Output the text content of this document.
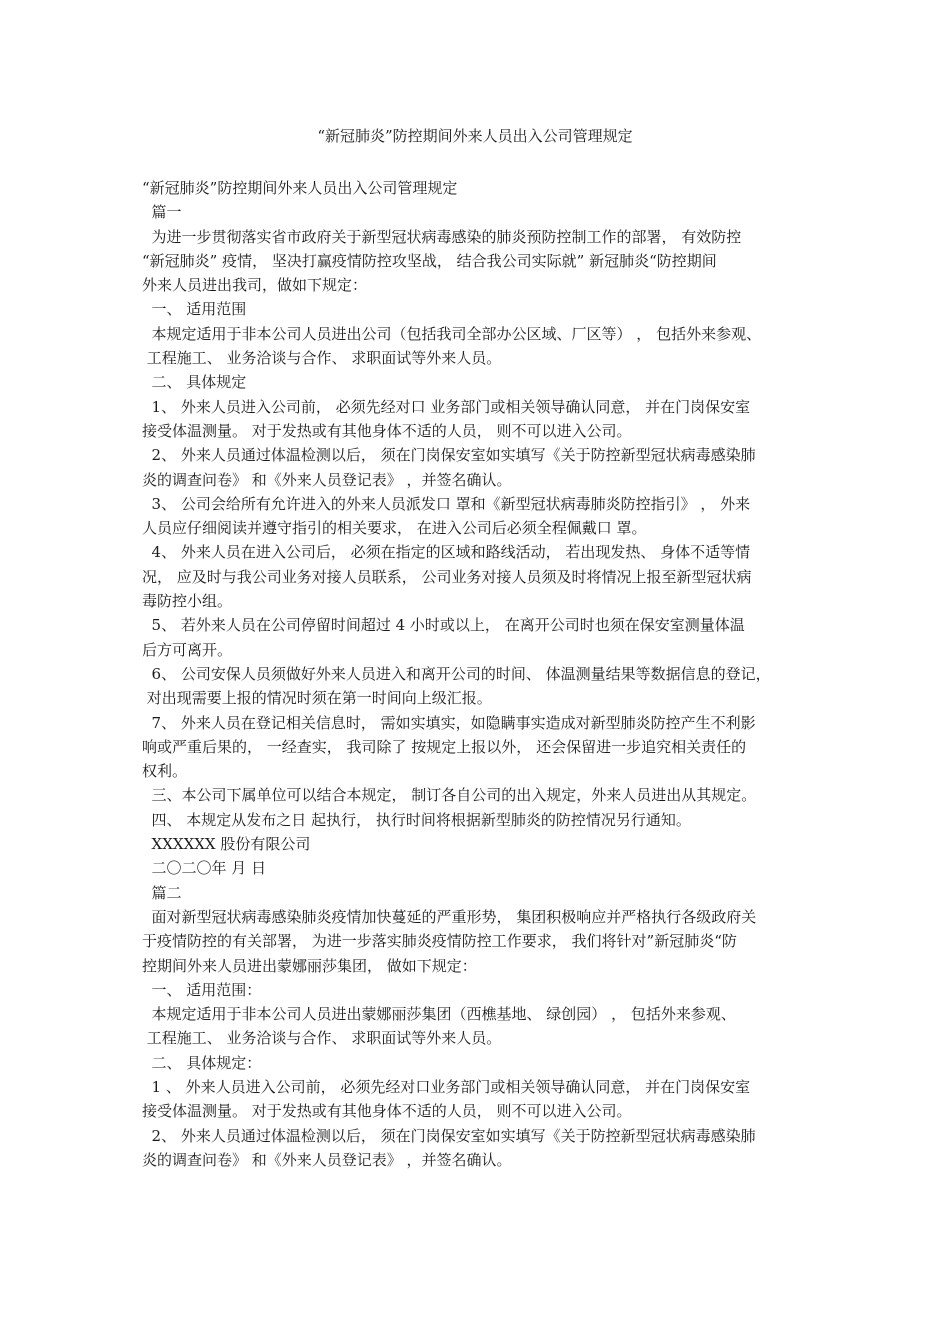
“新冠肺炎”防控期间外来人员出入公司管理规定
“新冠肺炎”防控期间外来人员出入公司管理规定
篇一
为进一步贯彻落实省市政府关于新型冠状病毒感染的肺炎预防控制工作的部署， 有效防控
“新冠肺炎” 疫情， 坚决打赢疫情防控攻坚战， 结合我公司实际就” 新冠肺炎“防控期间
外来人员进出我司，做如下规定：
一、 适用范围
本规定适用于非本公司人员进出公司（包括我司全部办公区域、厂区等） ， 包括外来参观、
工程施工、 业务洽谈与合作、 求职面试等外来人员。
二、 具体规定
1、 外来人员进入公司前， 必须先经对口 业务部门或相关领导确认同意， 并在门岗保安室
接受体温测量。 对于发热或有其他身体不适的人员， 则不可以进入公司。
2、 外来人员通过体温检测以后， 须在门岗保安室如实填写《关于防控新型冠状病毒感染肺
炎的调查问卷》 和《外来人员登记表》 ，并签名确认。
3、 公司会给所有允许进入的外来人员派发口 罩和《新型冠状病毒肺炎防控指引》 ， 外来
人员应仔细阅读并遵守指引的相关要求， 在进入公司后必须全程佩戴口 罩。
4、 外来人员在进入公司后， 必须在指定的区域和路线活动， 若出现发热、 身体不适等情
况， 应及时与我公司业务对接人员联系， 公司业务对接人员须及时将情况上报至新型冠状病
毒防控小组。
5、 若外来人员在公司停留时间超过 4 小时或以上， 在离开公司时也须在保安室测量体温
后方可离开。
6、 公司安保人员须做好外来人员进入和离开公司的时间、 体温测量结果等数据信息的登记，
对出现需要上报的情况时须在第一时间向上级汇报。
7、 外来人员在登记相关信息时， 需如实填实，如隐瞒事实造成对新型肺炎防控产生不利影
响或严重后果的， 一经查实， 我司除了 按规定上报以外， 还会保留进一步追究相关责任的
权利。
三、本公司下属单位可以结合本规定， 制订各自公司的出入规定，外来人员进出从其规定。
四、 本规定从发布之日 起执行， 执行时间将根据新型肺炎的防控情况另行通知。
XXXXXX 股份有限公司
二〇二〇年 月 日
篇二
面对新型冠状病毒感染肺炎疫情加快蔓延的严重形势， 集团积极响应并严格执行各级政府关
于疫情防控的有关部署， 为进一步落实肺炎疫情防控工作要求， 我们将针对”新冠肺炎“防
控期间外来人员进出蒙娜丽莎集团， 做如下规定：
一、 适用范围：
本规定适用于非本公司人员进出蒙娜丽莎集团（西樵基地、 绿创园） ， 包括外来参观、
工程施工、 业务洽谈与合作、 求职面试等外来人员。
二、 具体规定：
1 、 外来人员进入公司前， 必须先经对口业务部门或相关领导确认同意， 并在门岗保安室
接受体温测量。 对于发热或有其他身体不适的人员， 则不可以进入公司。
2、 外来人员通过体温检测以后， 须在门岗保安室如实填写《关于防控新型冠状病毒感染肺
炎的调查问卷》 和《外来人员登记表》 ，并签名确认。
